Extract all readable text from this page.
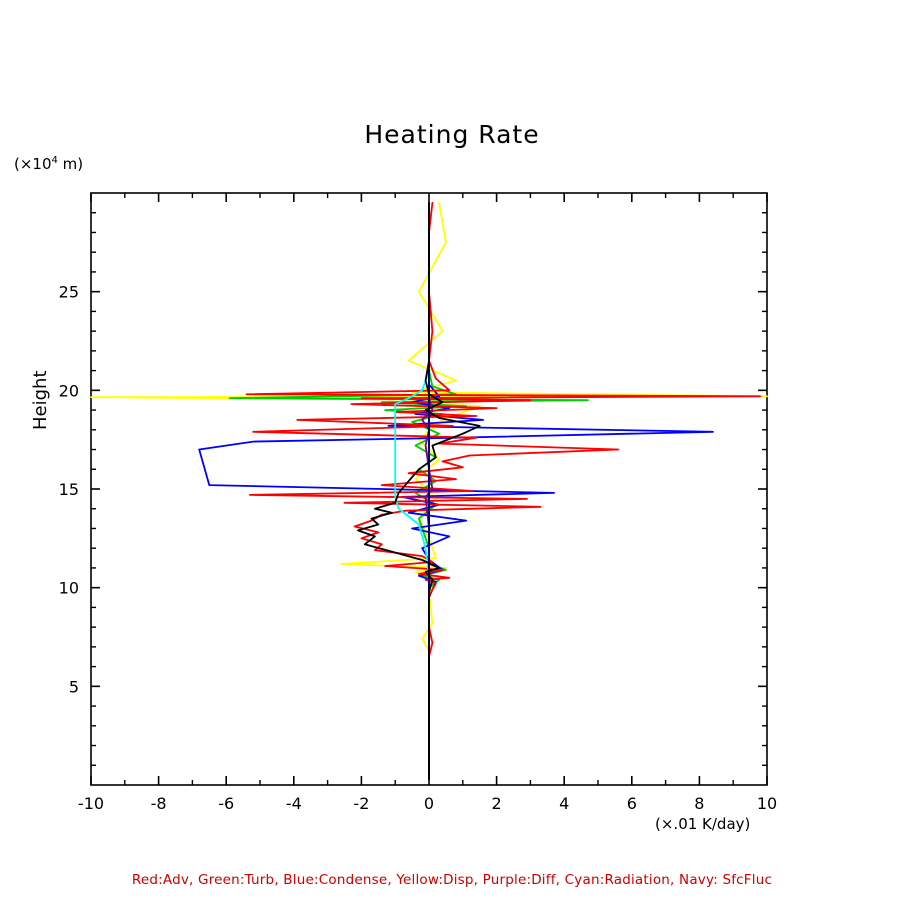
Heating Rate
($\times 10^4$ m)
Height
(×.01 K/day)
-10	-8	-6	-4	-2	0	2	4	6	8	10
5
10
15
20
25
Red:Adv, Green:Turb, Blue:Condense, Yellow:Disp, Purple:Diff, Cyan:Radiation, Navy: SfcFluc
